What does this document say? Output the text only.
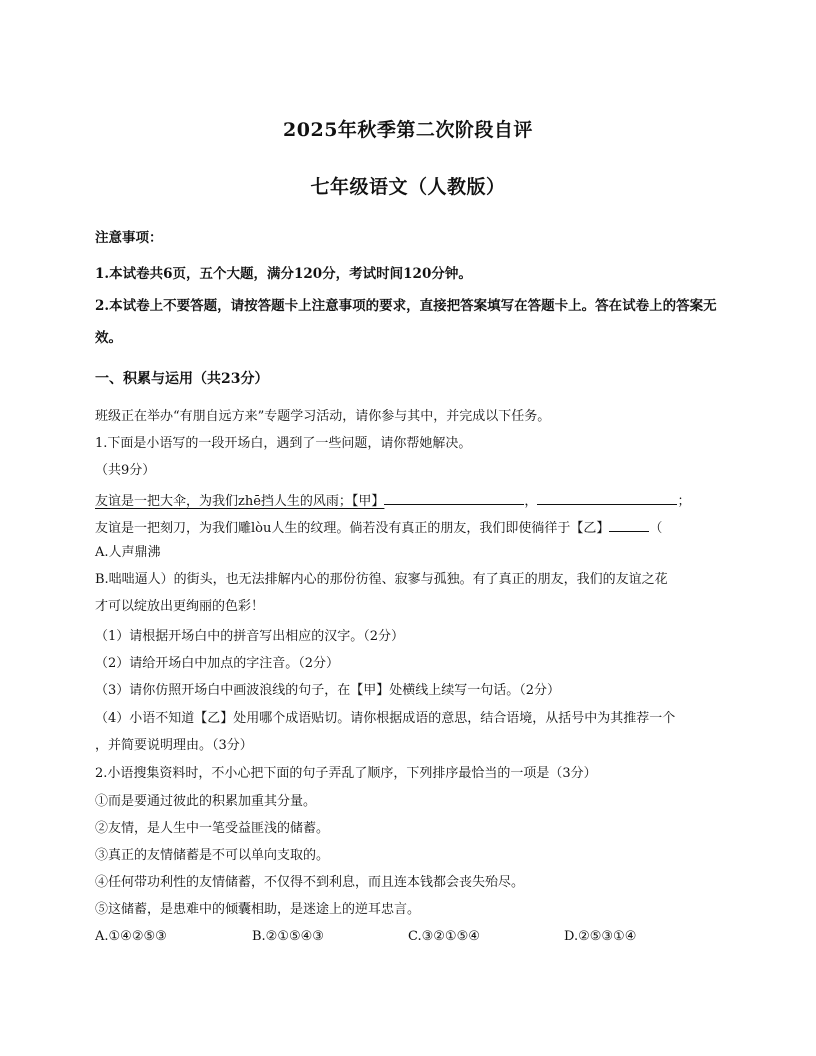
2025年秋季第二次阶段自评
七年级语文（人教版）
注意事项：
1.本试卷共6页，五个大题，满分120分，考试时间120分钟。
2.本试卷上不要答题，请按答题卡上注意事项的要求，直接把答案填写在答题卡上。答在试卷上的答案无效。
一、积累与运用（共23分）
班级正在举办“有朋自远方来”专题学习活动，请你参与其中，并完成以下任务。
1.下面是小语写的一段开场白，遇到了一些问题，请你帮她解决。
（共9分）
友谊是一把大伞，为我们zhē挡人生的风雨；【甲】	，	；
友谊是一把刻刀，为我们雕lòu人生的纹理。倘若没有真正的朋友，我们即使徜徉于【乙】	（
A.人声鼎沸
B.咄咄逼人）的街头，也无法排解内心的那份彷徨、寂寥与孤独。有了真正的朋友，我们的友谊之花
才可以绽放出更绚丽的色彩！
（1）请根据开场白中的拼音写出相应的汉字。（2分）
（2）请给开场白中加点的字注音。（2分）
（3）请你仿照开场白中画波浪线的句子，在【甲】处横线上续写一句话。（2分）
（4）小语不知道【乙】处用哪个成语贴切。请你根据成语的意思，结合语境，从括号中为其推荐一个
，并简要说明理由。（3分）
2.小语搜集资料时，不小心把下面的句子弄乱了顺序，下列排序最恰当的一项是（3分）
①而是要通过彼此的积累加重其分量。
②友情，是人生中一笔受益匪浅的储蓄。
③真正的友情储蓄是不可以单向支取的。
④任何带功利性的友情储蓄，不仅得不到利息，而且连本钱都会丧失殆尽。
⑤这储蓄，是患难中的倾囊相助，是迷途上的逆耳忠言。
A.①④②⑤③	B.②①⑤④③	C.③②①⑤④	D.②⑤③①④
